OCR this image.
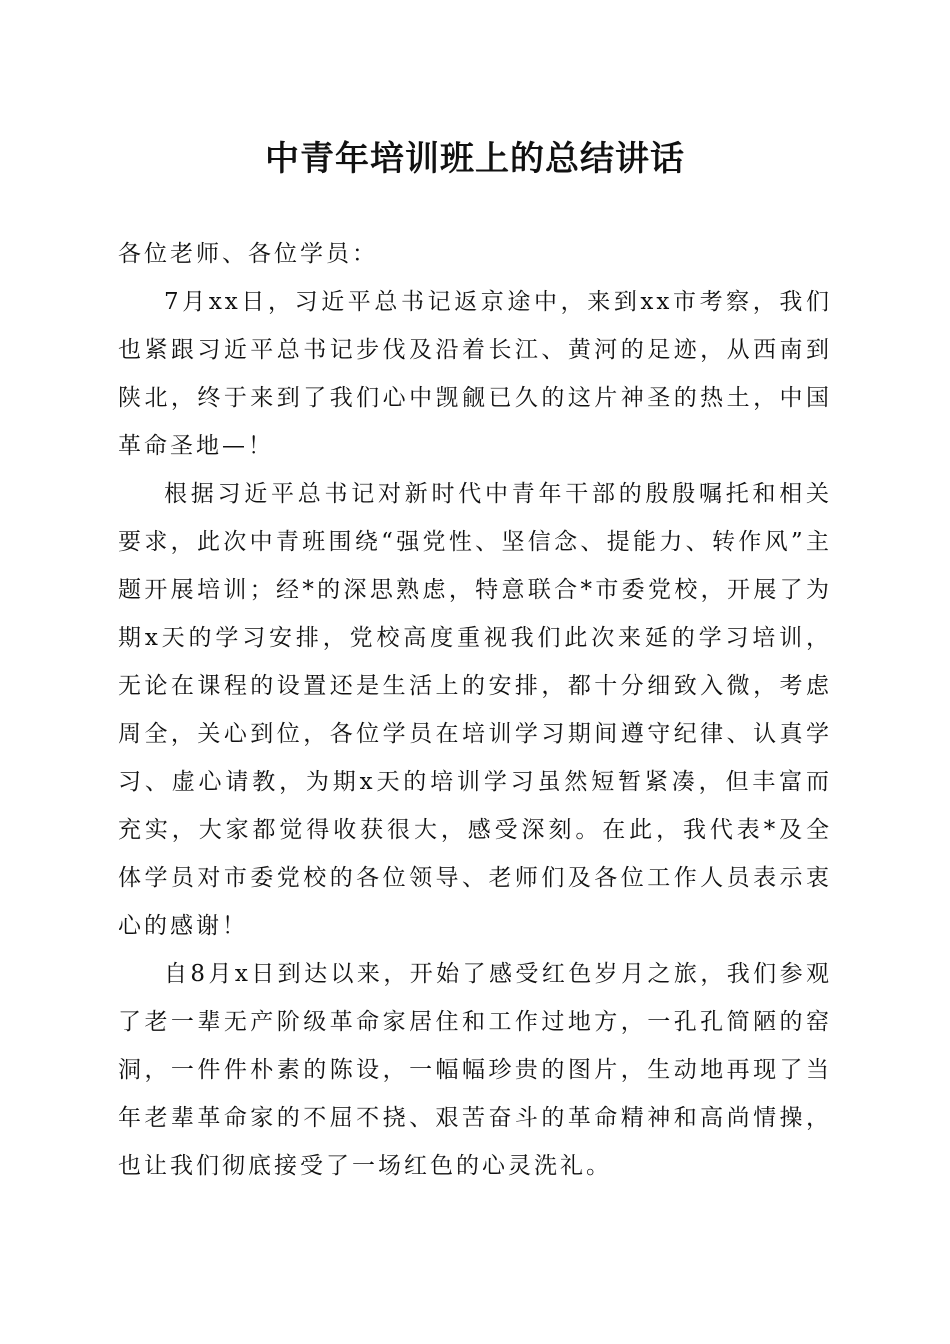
中青年培训班上的总结讲话

各位老师、各位学员：

7月xx日，习近平总书记返京途中，来到xx市考察，我们也紧跟习近平总书记步伐及沿着长江、黄河的足迹，从西南到陕北，终于来到了我们心中觊觎已久的这片神圣的热土，中国革命圣地—！

根据习近平总书记对新时代中青年干部的殷殷嘱托和相关要求，此次中青班围绕“强党性、坚信念、提能力、转作风”主题开展培训；经*的深思熟虑，特意联合*市委党校，开展了为期x天的学习安排，党校高度重视我们此次来延的学习培训，无论在课程的设置还是生活上的安排，都十分细致入微，考虑周全，关心到位，各位学员在培训学习期间遵守纪律、认真学习、虚心请教，为期x天的培训学习虽然短暂紧凑，但丰富而充实，大家都觉得收获很大，感受深刻。在此，我代表*及全体学员对市委党校的各位领导、老师们及各位工作人员表示衷心的感谢！

自8月x日到达以来，开始了感受红色岁月之旅，我们参观了老一辈无产阶级革命家居住和工作过地方，一孔孔简陋的窑洞，一件件朴素的陈设，一幅幅珍贵的图片，生动地再现了当年老辈革命家的不屈不挠、艰苦奋斗的革命精神和高尚情操，也让我们彻底接受了一场红色的心灵洗礼。
